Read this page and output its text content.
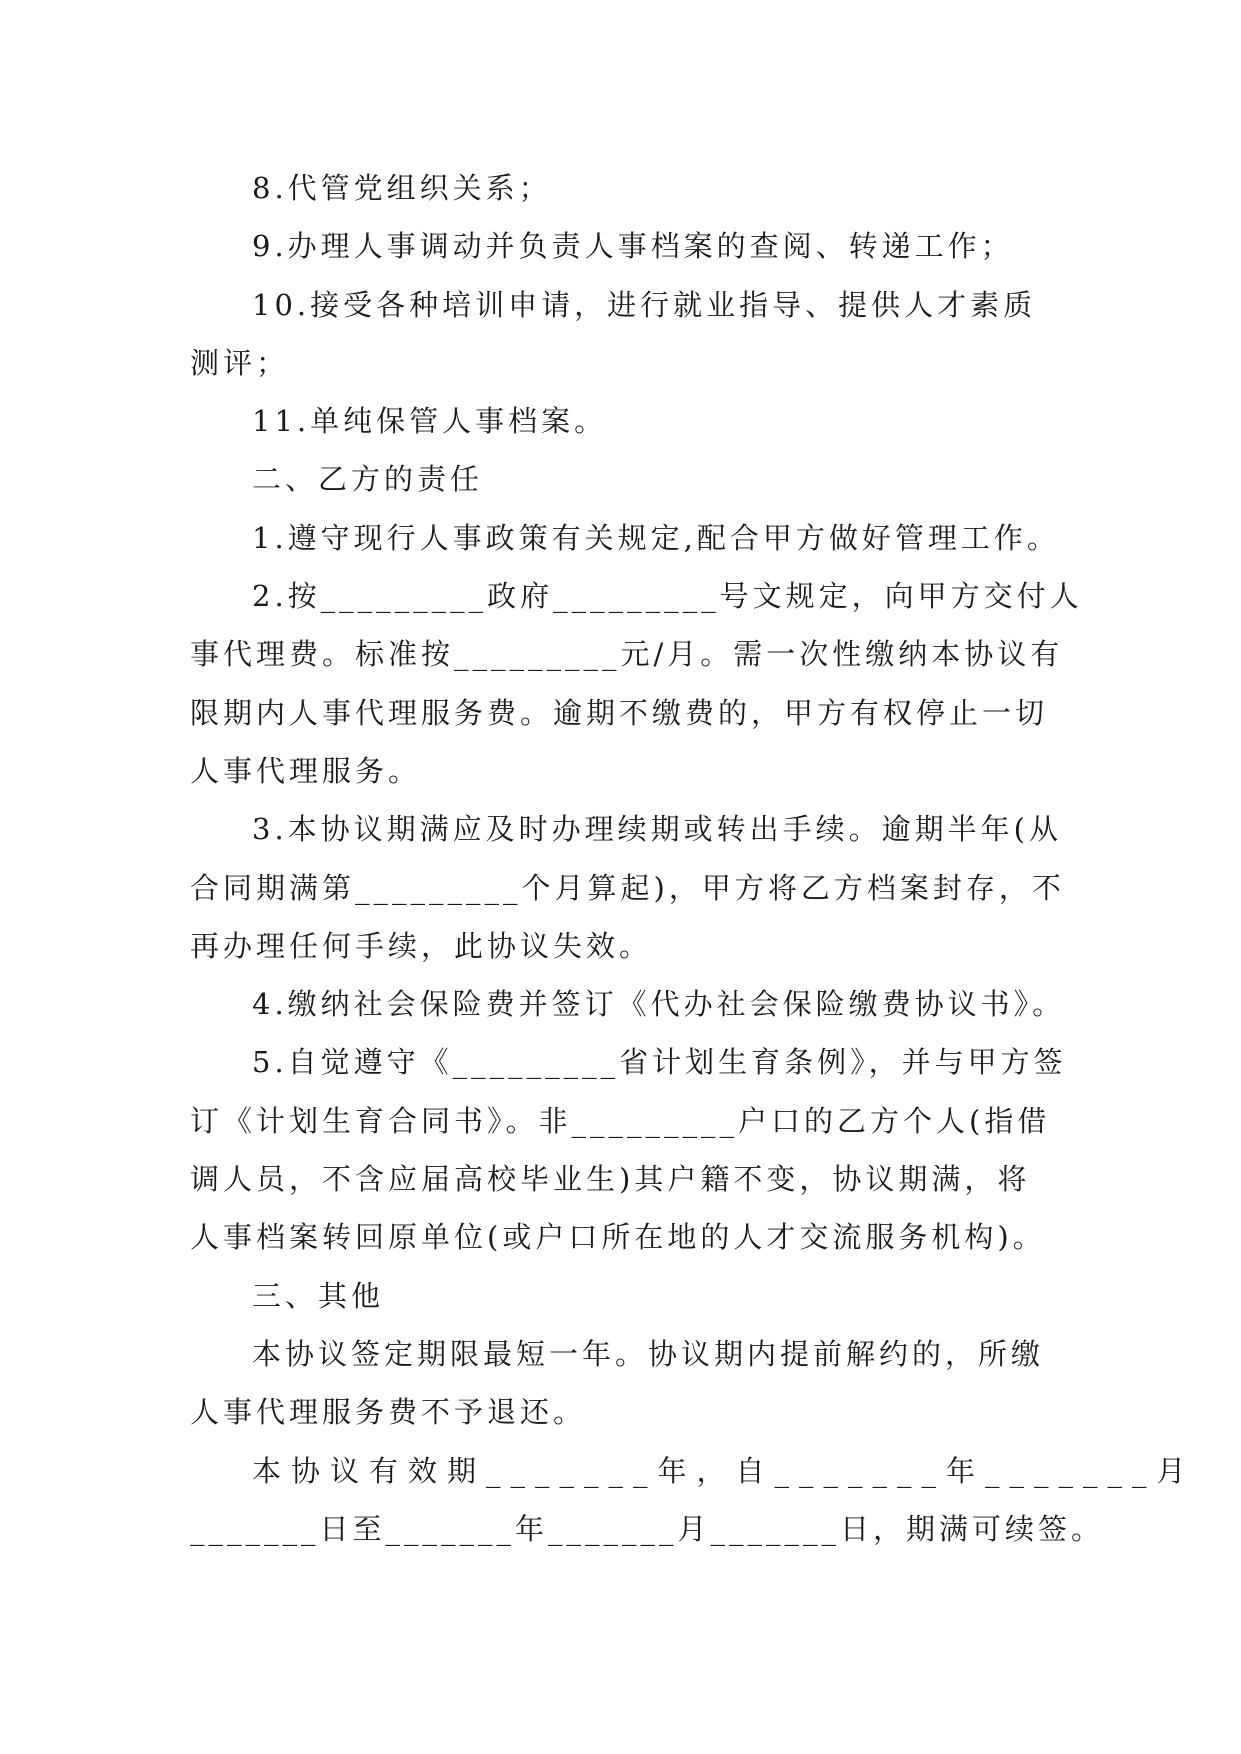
8.代管党组织关系；

9.办理人事调动并负责人事档案的查阅、转递工作；

10.接受各种培训申请，进行就业指导、提供人才素质

测评；

11.单纯保管人事档案。

二、乙方的责任

1.遵守现行人事政策有关规定,配合甲方做好管理工作。

2.按_________政府_________号文规定，向甲方交付人

事代理费。标准按_________元/月。需一次性缴纳本协议有

限期内人事代理服务费。逾期不缴费的，甲方有权停止一切

人事代理服务。

3.本协议期满应及时办理续期或转出手续。逾期半年(从

合同期满第_________个月算起)，甲方将乙方档案封存，不

再办理任何手续，此协议失效。

4.缴纳社会保险费并签订《代办社会保险缴费协议书》。

5.自觉遵守《_________省计划生育条例》，并与甲方签

订《计划生育合同书》。非_________户口的乙方个人(指借

调人员，不含应届高校毕业生)其户籍不变，协议期满，将

人事档案转回原单位(或户口所在地的人才交流服务机构)。

三、其他

本协议签定期限最短一年。协议期内提前解约的，所缴

人事代理服务费不予退还。

本协议有效期_______年，自_______年_______月

_______日至_______年_______月_______日，期满可续签。
